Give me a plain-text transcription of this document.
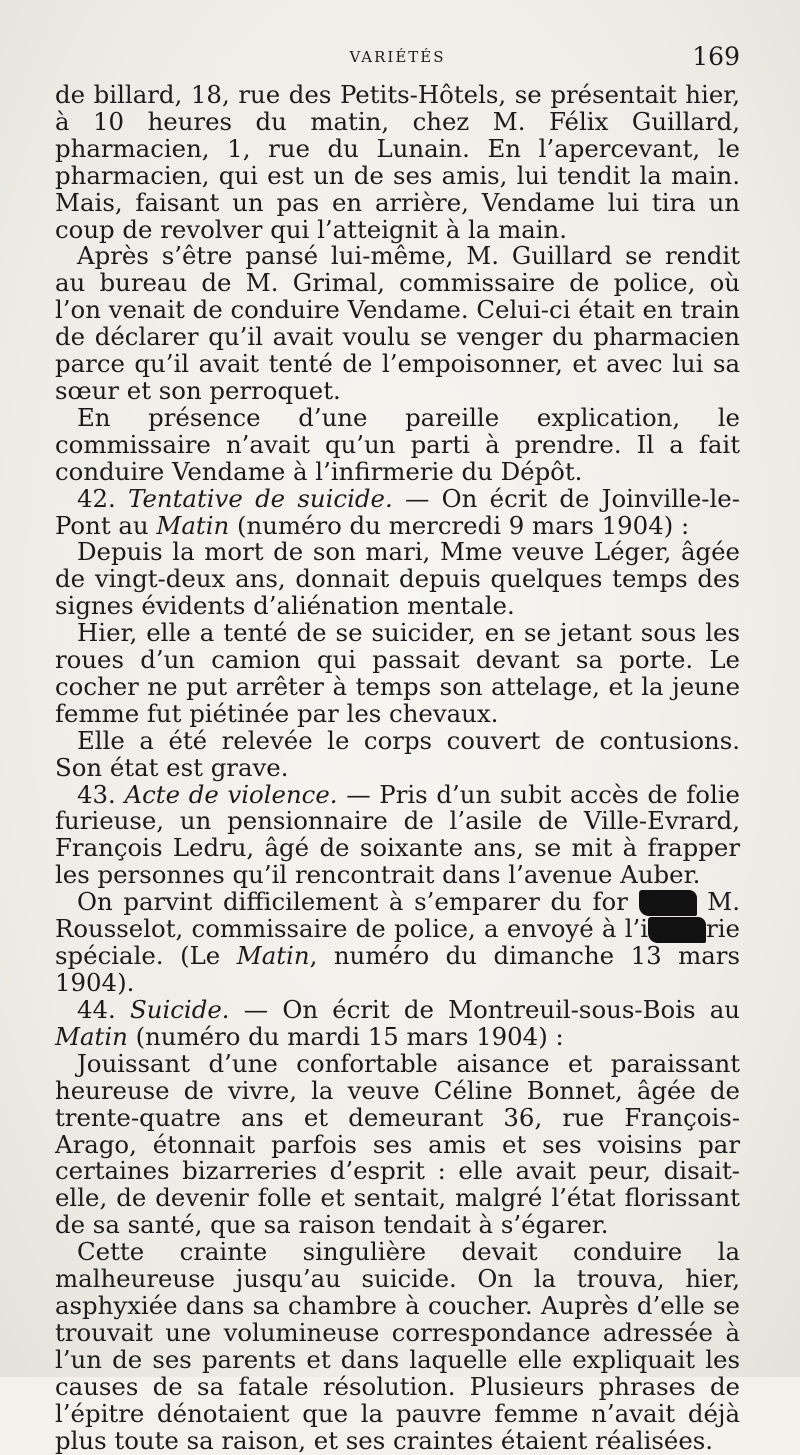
VARIÉTÉS	169

de billard, 18, rue des Petits-Hôtels, se présentait hier, à 10 heures du matin, chez M. Félix Guillard, pharmacien, 1, rue du Lunain. En l’apercevant, le pharmacien, qui est un de ses amis, lui tendit la main. Mais, faisant un pas en arrière, Vendame lui tira un coup de revolver qui l’atteignit à la main.

Après s’être pansé lui-même, M. Guillard se rendit au bureau de M. Grimal, commissaire de police, où l’on venait de conduire Vendame. Celui-ci était en train de déclarer qu’il avait voulu se venger du pharmacien parce qu’il avait tenté de l’empoisonner, et avec lui sa sœur et son perroquet.

En présence d’une pareille explication, le commissaire n’avait qu’un parti à prendre. Il a fait conduire Vendame à l’infirmerie du Dépôt.

42. Tentative de suicide. — On écrit de Joinville-le-Pont au Matin (numéro du mercredi 9 mars 1904) :

Depuis la mort de son mari, Mme veuve Léger, âgée de vingt-deux ans, donnait depuis quelques temps des signes évidents d’aliénation mentale.

Hier, elle a tenté de se suicider, en se jetant sous les roues d’un camion qui passait devant sa porte. Le cocher ne put arrêter à temps son attelage, et la jeune femme fut piétinée par les chevaux.

Elle a été relevée le corps couvert de contusions. Son état est grave.

43. Acte de violence. — Pris d’un subit accès de folie furieuse, un pensionnaire de l’asile de Ville-Evrard, François Ledru, âgé de soixante ans, se mit à frapper les personnes qu’il rencontrait dans l’avenue Auber.

On parvint difficilement à s’emparer du for	M. Rousselot, commissaire de police, a envoyé à l’i rie spéciale. (Le Matin, numéro du dimanche 13 mars 1904).

44. Suicide. — On écrit de Montreuil-sous-Bois au Matin (numéro du mardi 15 mars 1904) :

Jouissant d’une confortable aisance et paraissant heureuse de vivre, la veuve Céline Bonnet, âgée de trente-quatre ans et demeurant 36, rue François-Arago, étonnait parfois ses amis et ses voisins par certaines bizarreries d’esprit : elle avait peur, disait-elle, de devenir folle et sentait, malgré l’état florissant de sa santé, que sa raison tendait à s’égarer.

Cette crainte singulière devait conduire la malheureuse jusqu’au suicide. On la trouva, hier, asphyxiée dans sa chambre à coucher. Auprès d’elle se trouvait une volumineuse correspondance adressée à l’un de ses parents et dans laquelle elle expliquait les causes de sa fatale résolution. Plusieurs phrases de l’épitre dénotaient que la pauvre femme n’avait déjà plus toute sa raison, et ses craintes étaient réalisées.
